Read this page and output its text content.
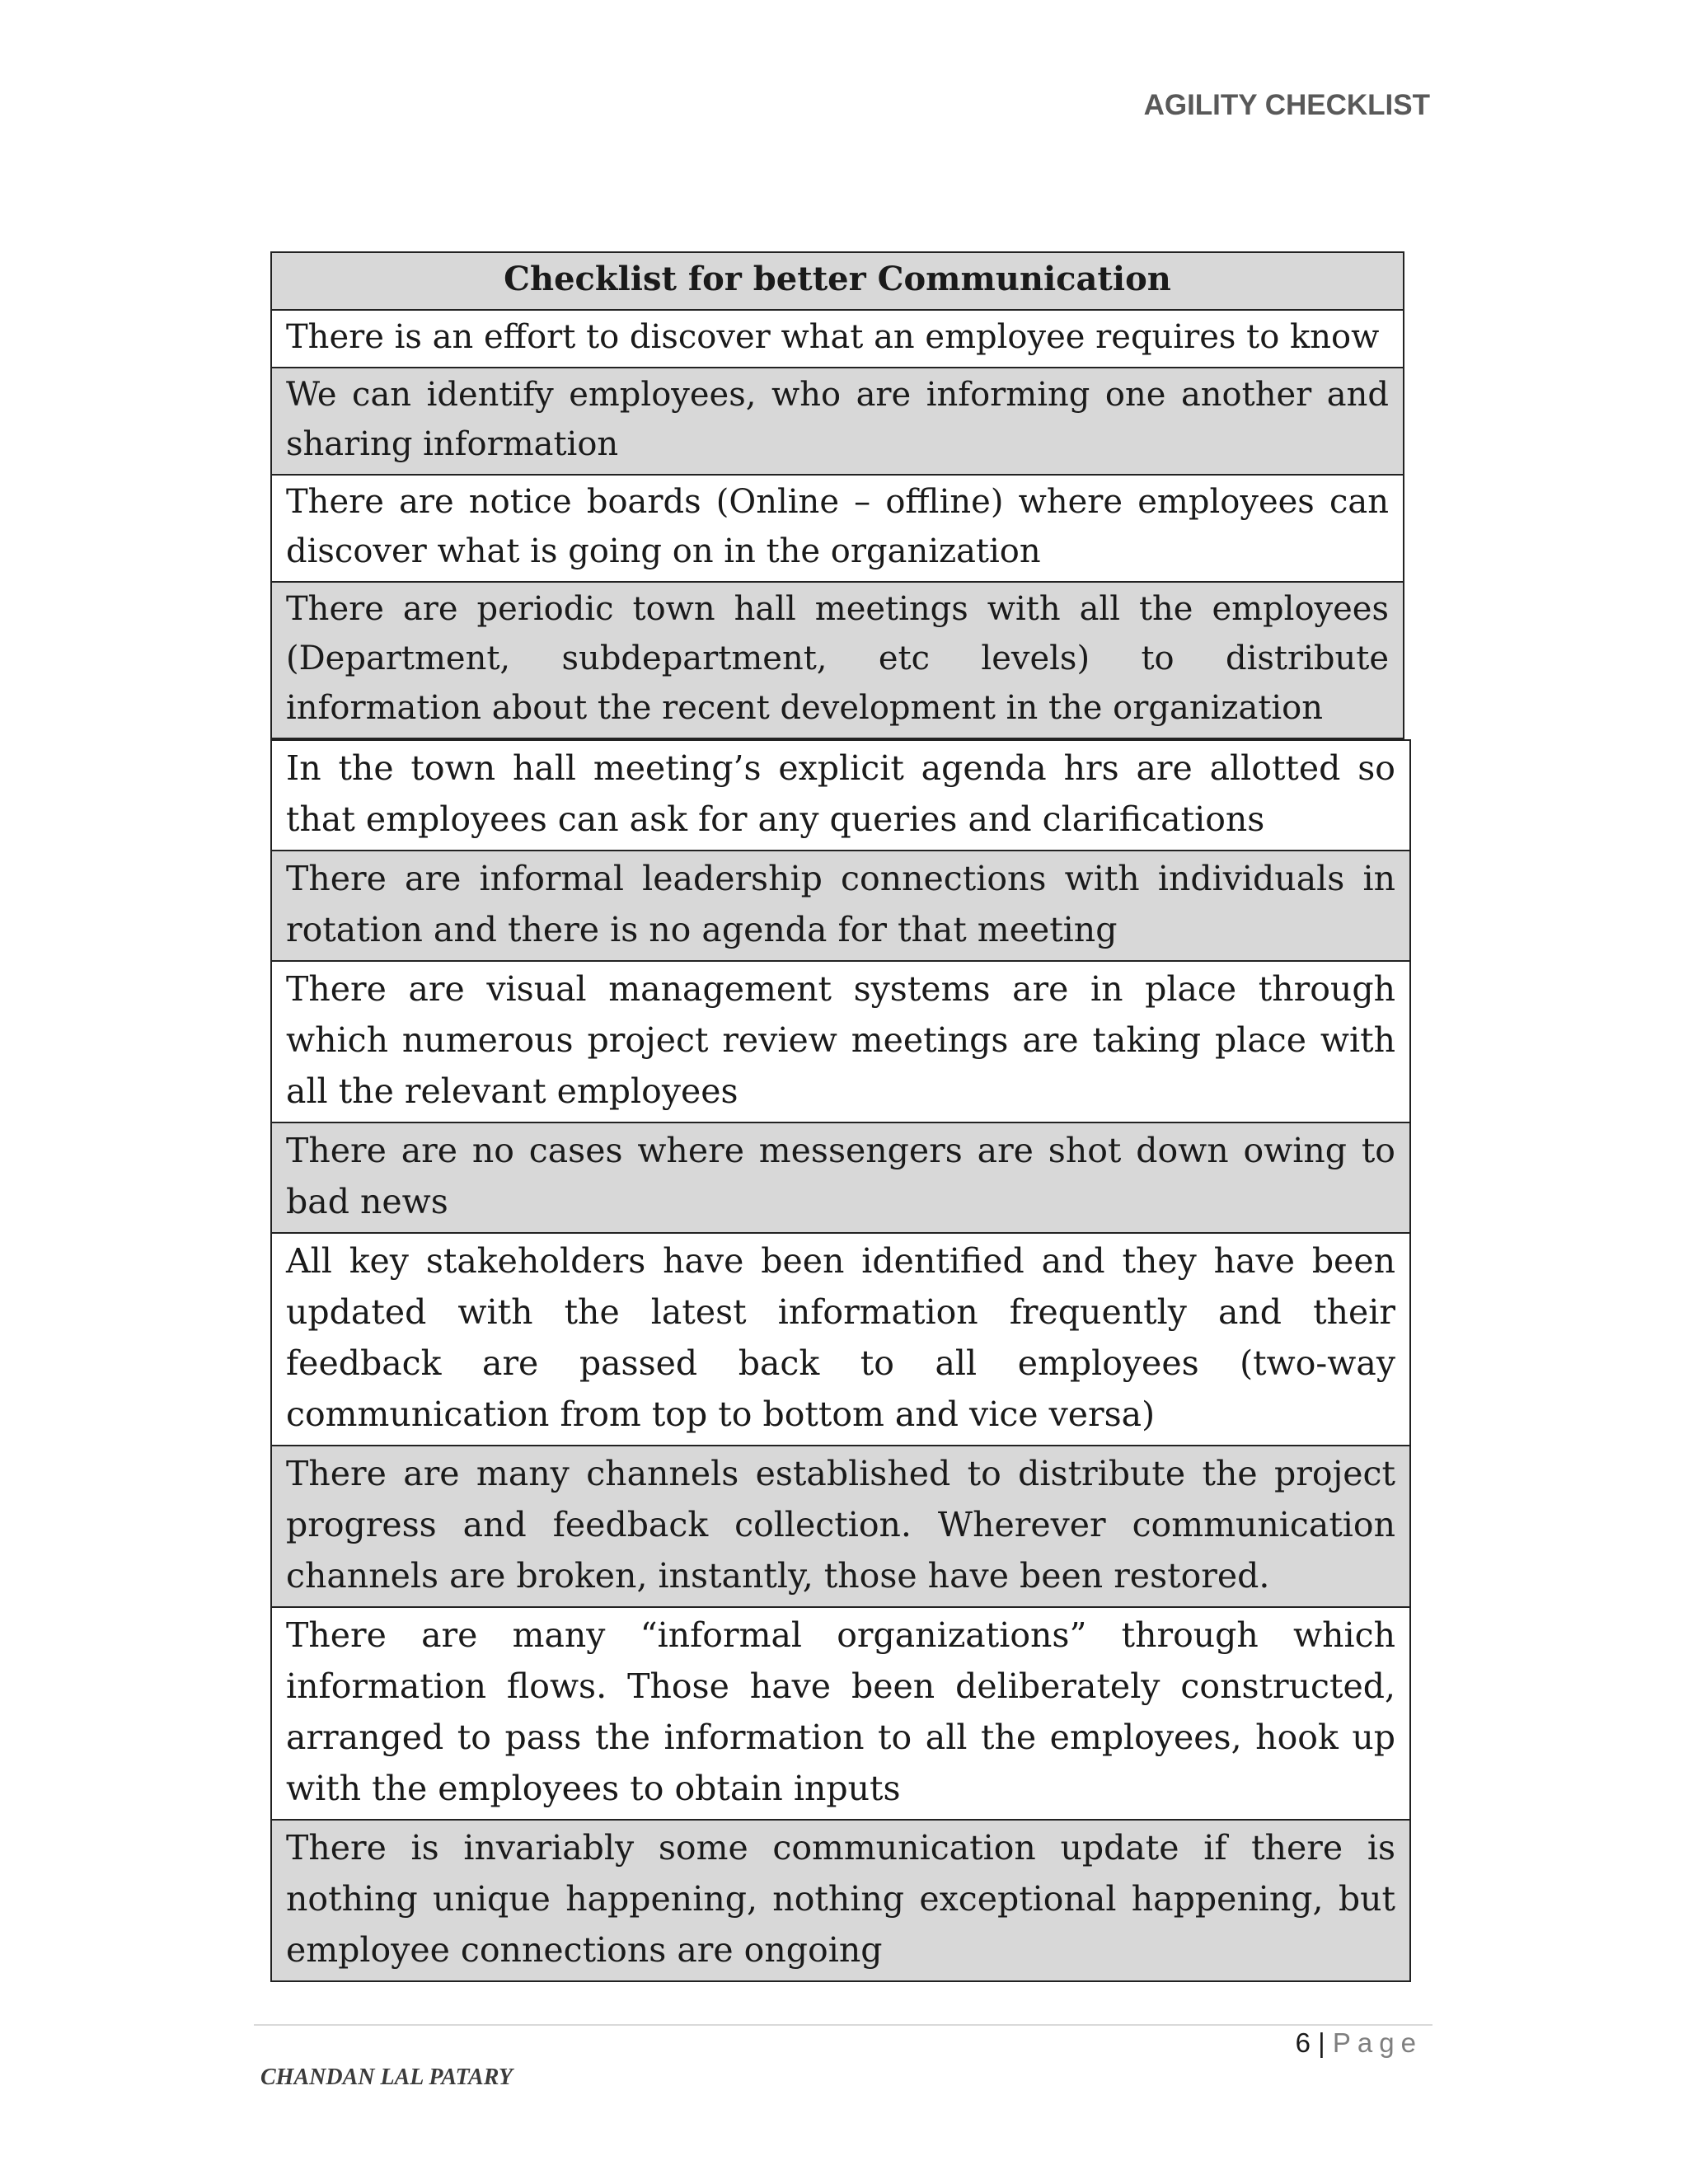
AGILITY CHECKLIST
Checklist for better Communication
There is an effort to discover what an employee requires to know
We can identify employees, who are informing one another and sharing information
There are notice boards (Online – offline) where employees can discover what is going on in the organization
There are periodic town hall meetings with all the employees (Department, subdepartment, etc levels) to distribute information about the recent development in the organization
In the town hall meeting’s explicit agenda hrs are allotted so that employees can ask for any queries and clarifications
There are informal leadership connections with individuals in rotation and there is no agenda for that meeting
There are visual management systems are in place through which numerous project review meetings are taking place with all the relevant employees
There are no cases where messengers are shot down owing to bad news
All key stakeholders have been identified and they have been updated with the latest information frequently and their feedback are passed back to all employees (two-way communication from top to bottom and vice versa)
There are many channels established to distribute the project progress and feedback collection. Wherever communication channels are broken, instantly, those have been restored.
There are many “informal organizations” through which information flows. Those have been deliberately constructed, arranged to pass the information to all the employees, hook up with the employees to obtain inputs
There is invariably some communication update if there is nothing unique happening, nothing exceptional happening, but employee connections are ongoing
6 | Page
CHANDAN LAL PATARY
